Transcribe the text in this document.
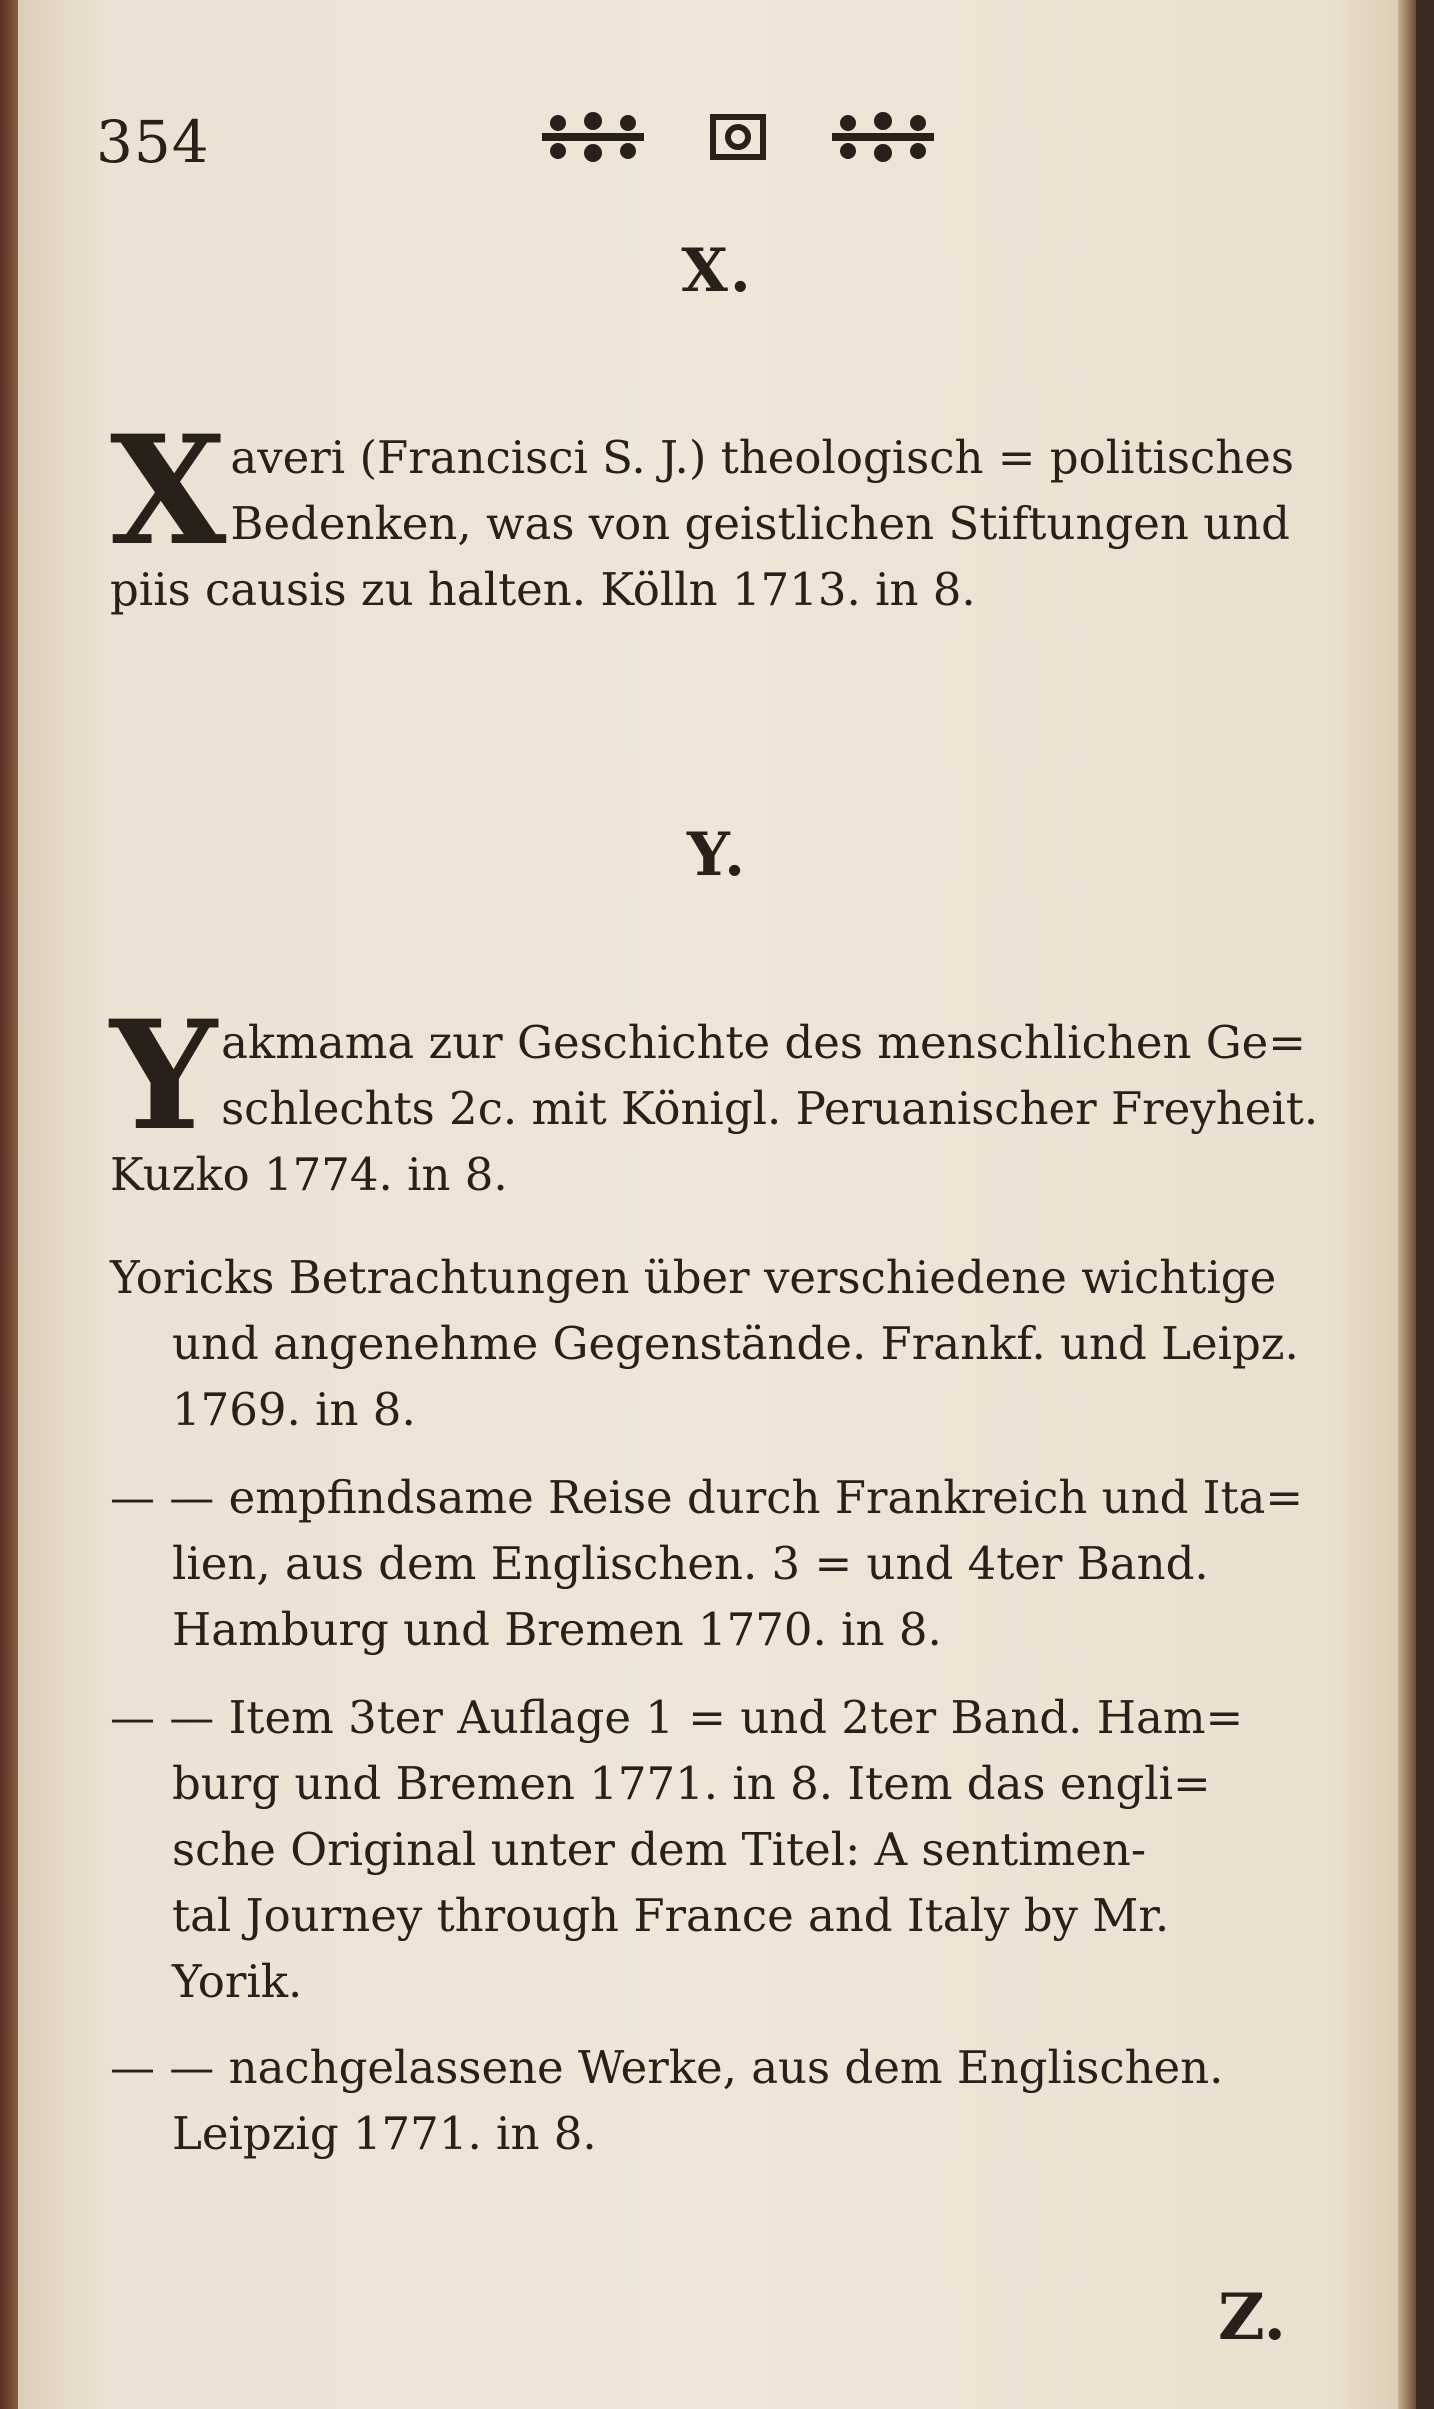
354
X.
X averi (Francisci S. J.) theologisch = politisches
Bedenken, was von geistlichen Stiftungen und
piis causis zu halten. Kölln 1713. in 8.
Y.
Y akmama zur Geschichte des menschlichen Ge=
schlechts 2c. mit Königl. Peruanischer Freyheit.
Kuzko 1774. in 8.
Yoricks Betrachtungen über verschiedene wichtige
und angenehme Gegenstände. Frankf. und Leipz.
1769. in 8.
— — empfindsame Reise durch Frankreich und Ita=
lien, aus dem Englischen. 3 = und 4ter Band.
Hamburg und Bremen 1770. in 8.
— — Item 3ter Auflage 1 = und 2ter Band. Ham=
burg und Bremen 1771. in 8. Item das engli=
sche Original unter dem Titel: A sentimen-
tal Journey through France and Italy by Mr.
Yorik.
— — nachgelassene Werke, aus dem Englischen.
Leipzig 1771. in 8.
Z.
